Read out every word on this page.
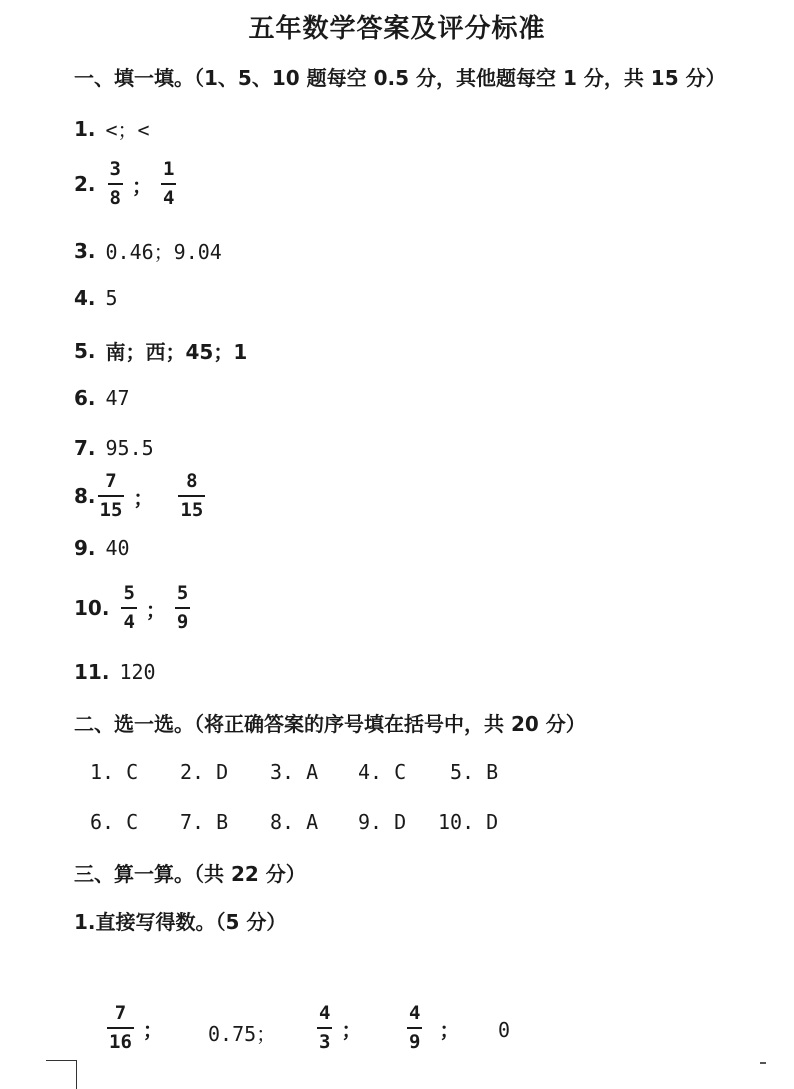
五年数学答案及评分标准
一、填一填。（1、5、10 题每空 0.5 分，其他题每空 1 分，共 15 分）
1. <；<
2. $\frac{3}{8}$ ； $\frac{1}{4}$
3. 0.46；9.04
4. 5
5. 南；西；45；1
6. 47
7. 95.5
8. $\frac{7}{15}$ ； $\frac{8}{15}$
9. 40
10. $\frac{5}{4}$ ； $\frac{5}{9}$
11. 120
二、选一选。（将正确答案的序号填在括号中，共 20 分）
1. C 2. D 3. A 4. C 5. B
6. C 7. B 8. A 9. D 10. D
三、算一算。（共 22 分）
1.直接写得数。（5 分）
$\frac{7}{16}$ ； 0.75； $\frac{4}{3}$ ； $\frac{4}{9}$ ； 0
